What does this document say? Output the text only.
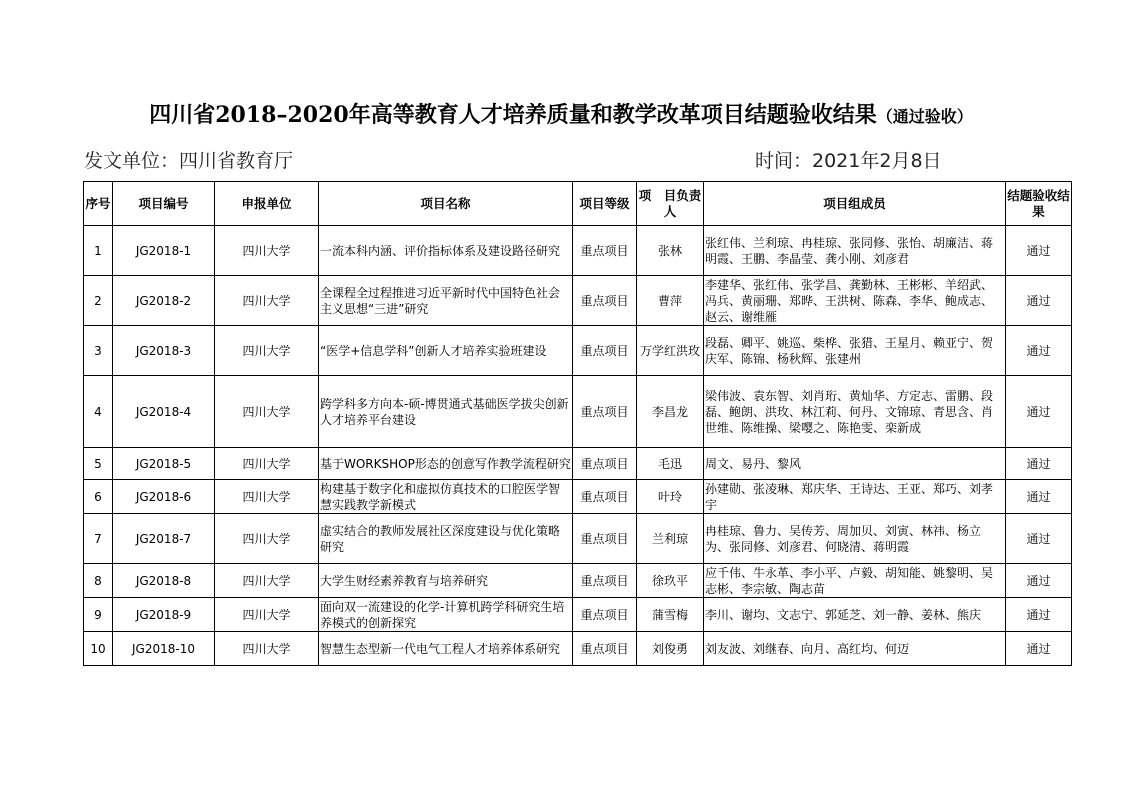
四川省2018–2020年高等教育人才培养质量和教学改革项目结题验收结果（通过验收）
发文单位：四川省教育厅	时间：2021年2月8日
序号	项目编号	申报单位	项目名称	项目等级	项　目负责人	项目组成员	结题验收结果
1	JG2018-1	四川大学	一流本科内涵、评价指标体系及建设路径研究	重点项目	张林	张红伟、兰利琼、冉桂琼、张同修、张怡、胡廉洁、蒋明霞、王鹏、李晶莹、龚小刚、刘彦君	通过
2	JG2018-2	四川大学	全课程全过程推进习近平新时代中国特色社会主义思想“三进”研究	重点项目	曹萍	李建华、张红伟、张学昌、龚勤林、王彬彬、羊绍武、冯兵、黄丽珊、郑晔、王洪树、陈森、李华、鲍成志、赵云、谢维雁	通过
3	JG2018-3	四川大学	“医学+信息学科”创新人才培养实验班建设	重点项目	万学红洪玫	段磊、卿平、姚巡、柴桦、张猎、王星月、赖亚宁、贺庆军、陈锦、杨秋辉、张建州	通过
4	JG2018-4	四川大学	跨学科多方向本-硕-博贯通式基础医学拔尖创新人才培养平台建设	重点项目	李昌龙	梁伟波、袁东智、刘肖珩、黄灿华、方定志、雷鹏、段磊、鲍朗、洪玫、林江莉、何丹、文锦琼、青思含、肖世维、陈维操、梁嘤之、陈艳雯、栾新成	通过
5	JG2018-5	四川大学	基于WORKSHOP形态的创意写作教学流程研究	重点项目	毛迅	周文、易丹、黎风	通过
6	JG2018-6	四川大学	构建基于数字化和虚拟仿真技术的口腔医学智慧实践教学新模式	重点项目	叶玲	孙建勋、张凌琳、郑庆华、王诗达、王亚、郑巧、刘孝宇	通过
7	JG2018-7	四川大学	虚实结合的教师发展社区深度建设与优化策略研究	重点项目	兰利琼	冉桂琼、鲁力、吴传芳、周加贝、刘寅、林祎、杨立为、张同修、刘彦君、何晓清、蒋明霞	通过
8	JG2018-8	四川大学	大学生财经素养教育与培养研究	重点项目	徐玖平	应千伟、牛永革、李小平、卢毅、胡知能、姚黎明、吴志彬、李宗敏、陶志苗	通过
9	JG2018-9	四川大学	面向双一流建设的化学-计算机跨学科研究生培养模式的创新探究	重点项目	蒲雪梅	李川、谢均、文志宁、郭延芝、刘一静、姜林、熊庆	通过
10	JG2018-10	四川大学	智慧生态型新一代电气工程人才培养体系研究	重点项目	刘俊勇	刘友波、刘继春、向月、高红均、何迈	通过
